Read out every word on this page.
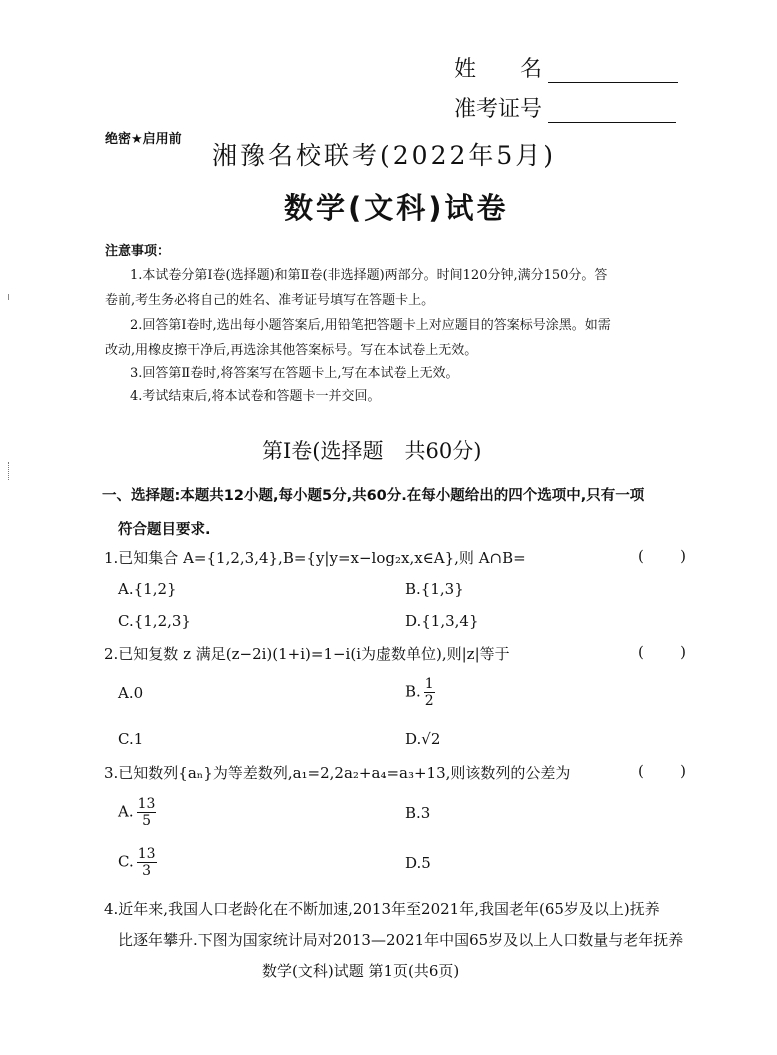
姓　　名
准考证号
绝密★启用前
湘豫名校联考(2022年5月)
数学(文科)试卷
注意事项：
1.本试卷分第Ⅰ卷(选择题)和第Ⅱ卷(非选择题)两部分。时间120分钟,满分150分。答
卷前,考生务必将自己的姓名、准考证号填写在答题卡上。
2.回答第Ⅰ卷时,选出每小题答案后,用铅笔把答题卡上对应题目的答案标号涂黑。如需
改动,用橡皮擦干净后,再选涂其他答案标号。写在本试卷上无效。
3.回答第Ⅱ卷时,将答案写在答题卡上,写在本试卷上无效。
4.考试结束后,将本试卷和答题卡一并交回。
第Ⅰ卷(选择题　共60分)
一、选择题:本题共12小题,每小题5分,共60分.在每小题给出的四个选项中,只有一项
符合题目要求.
1.已知集合 A={1,2,3,4},B={y|y=x−log₂x,x∈A},则 A∩B=	( )
A.{1,2}	B.{1,3}
C.{1,2,3}	D.{1,3,4}
2.已知复数 z 满足(z−2i)(1+i)=1−i(i为虚数单位),则|z|等于	( )
A.0	B. $\frac{1}{2}$
C.1	D.√2
3.已知数列{aₙ}为等差数列,a₁=2,2a₂+a₄=a₃+13,则该数列的公差为	( )
A. $\frac{13}{5}$	B.3
C. $\frac{13}{3}$	D.5
4.近年来,我国人口老龄化在不断加速,2013年至2021年,我国老年(65岁及以上)抚养
比逐年攀升.下图为国家统计局对2013—2021年中国65岁及以上人口数量与老年抚养
数学(文科)试题 第1页(共6页)
